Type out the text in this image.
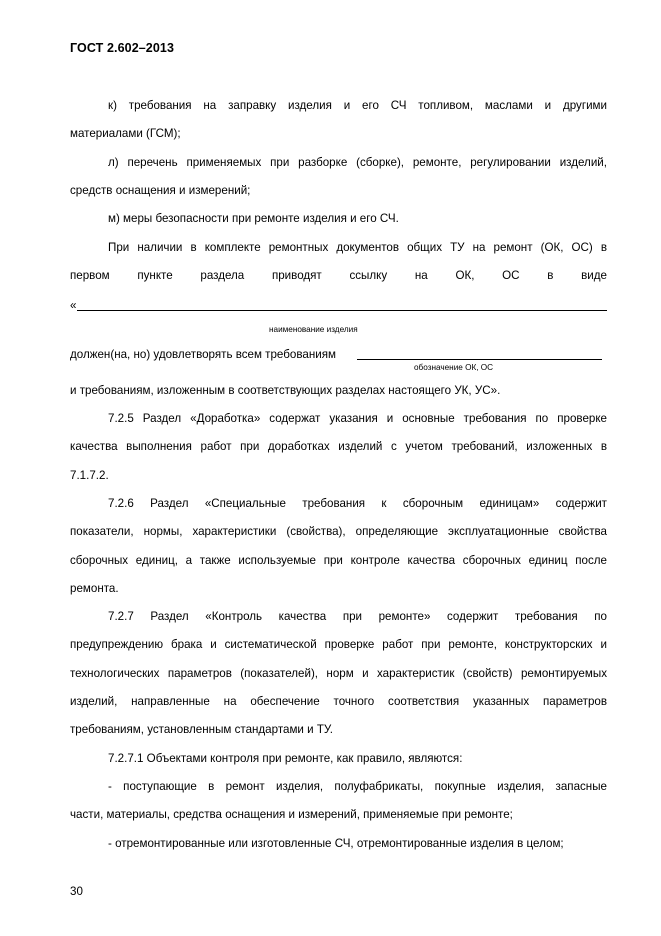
ГОСТ 2.602–2013
к) требования на заправку изделия и его СЧ топливом, маслами и другими
материалами (ГСМ);
л) перечень применяемых при разборке (сборке), ремонте, регулировании изделий,
средств оснащения и измерений;
м) меры безопасности при ремонте изделия и его СЧ.
При наличии в комплекте ремонтных документов общих ТУ на ремонт (ОК, ОС) в
первом пункте раздела приводят ссылку на ОК, ОС в виде
«
наименование изделия
должен(на, но) удовлетворять всем требованиям
обозначение ОК, ОС
и требованиям, изложенным в соответствующих разделах настоящего УК, УС».
7.2.5 Раздел «Доработка» содержат указания и основные требования по проверке
качества выполнения работ при доработках изделий с учетом требований, изложенных в
7.1.7.2.
7.2.6 Раздел «Специальные требования к сборочным единицам» содержит
показатели, нормы, характеристики (свойства), определяющие эксплуатационные свойства
сборочных единиц, а также используемые при контроле качества сборочных единиц после
ремонта.
7.2.7 Раздел «Контроль качества при ремонте» содержит требования по
предупреждению брака и систематической проверке работ при ремонте, конструкторских и
технологических параметров (показателей), норм и характеристик (свойств) ремонтируемых
изделий, направленные на обеспечение точного соответствия указанных параметров
требованиям, установленным стандартами и ТУ.
7.2.7.1 Объектами контроля при ремонте, как правило, являются:
- поступающие в ремонт изделия, полуфабрикаты, покупные изделия, запасные
части, материалы, средства оснащения и измерений, применяемые при ремонте;
- отремонтированные или изготовленные СЧ, отремонтированные изделия в целом;
30
